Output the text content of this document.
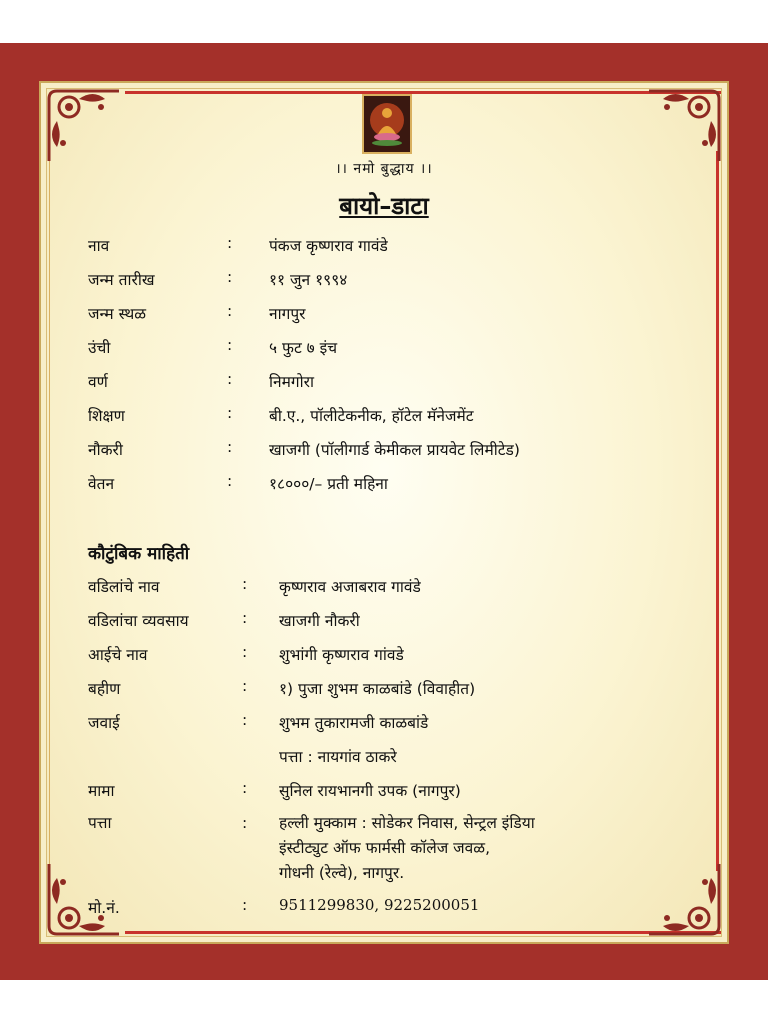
।। नमो बुद्धाय ।।
बायो–डाटा
नाव	: पंकज कृष्णराव गावंडे
जन्म तारीख	: ११ जुन १९९४
जन्म स्थळ	: नागपुर
उंची	: ५ फुट ७ इंच
वर्ण	: निमगोरा
शिक्षण	: बी.ए., पॉलीटेकनीक, हॉटेल मॅनेजमेंट
नौकरी	: खाजगी (पॉलीगार्ड केमीकल प्रायवेट लिमीटेड)
वेतन	: १८०००/– प्रती महिना
कौटुंबिक माहिती
वडिलांचे नाव	: कृष्णराव अजाबराव गावंडे
वडिलांचा व्यवसाय	: खाजगी नौकरी
आईचे नाव	: शुभांगी कृष्णराव गांवडे
बहीण	: १) पुजा शुभम काळबांडे (विवाहीत)
जवाई	: शुभम तुकारामजी काळबांडे
पत्ता : नायगांव ठाकरे
मामा	: सुनिल रायभानगी उपक (नागपुर)
पत्ता	: हल्ली मुक्काम : सोडेकर निवास, सेन्ट्रल इंडिया
इंस्टीट्युट ऑफ फार्मसी कॉलेज जवळ,
गोधनी (रेल्वे), नागपुर.
मो.नं.	: 9511299830, 9225200051
